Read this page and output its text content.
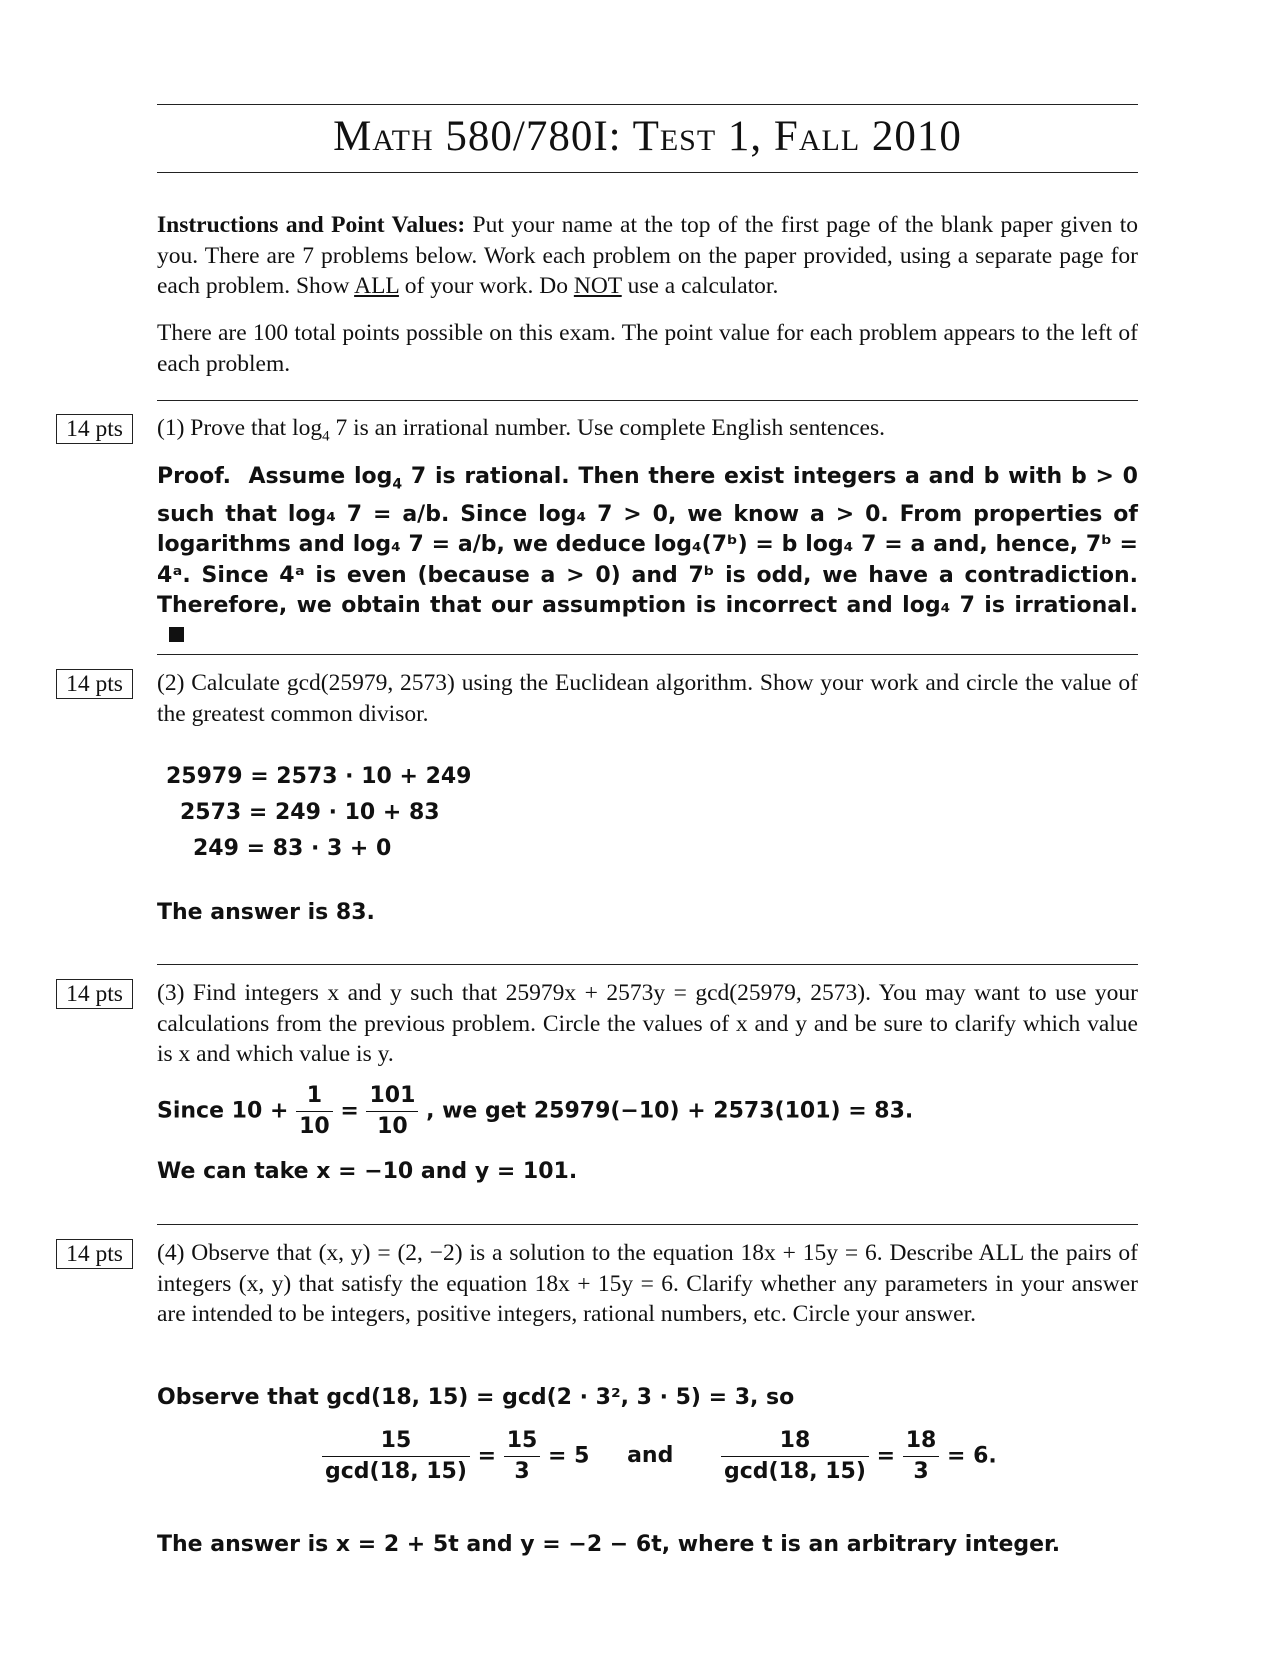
Math 580/780I: Test 1, Fall 2010
Instructions and Point Values: Put your name at the top of the first page of the blank paper given to you. There are 7 problems below. Work each problem on the paper provided, using a separate page for each problem. Show ALL of your work. Do NOT use a calculator.
There are 100 total points possible on this exam. The point value for each problem appears to the left of each problem.
14 pts	(1) Prove that $\log_4 7$ is an irrational number. Use complete English sentences.
Proof. Assume $\log_4 7$ is rational. Then there exist integers a and b with b > 0 such that log₄ 7 = a/b. Since log₄ 7 > 0, we know a > 0. From properties of logarithms and log₄ 7 = a/b, we deduce log₄(7ᵇ) = b log₄ 7 = a and, hence, 7ᵇ = 4ᵃ. Since 4ᵃ is even (because a > 0) and 7ᵇ is odd, we have a contradiction. Therefore, we obtain that our assumption is incorrect and log₄ 7 is irrational.
14 pts	(2) Calculate gcd(25979, 2573) using the Euclidean algorithm. Show your work and circle the value of the greatest common divisor.
25979 = 2573 · 10 + 249
2573 = 249 · 10 + 83
249 = 83 · 3 + 0
The answer is 83.
14 pts	(3) Find integers x and y such that 25979x + 2573y = gcd(25979, 2573). You may want to use your calculations from the previous problem. Circle the values of x and y and be sure to clarify which value is x and which value is y.
Since $10 + \frac{1}{10} = \frac{101}{10}$ , we get 25979(−10) + 2573(101) = 83.
We can take x = −10 and y = 101.
14 pts	(4) Observe that (x, y) = (2, −2) is a solution to the equation 18x + 15y = 6. Describe ALL the pairs of integers (x, y) that satisfy the equation 18x + 15y = 6. Clarify whether any parameters in your answer are intended to be integers, positive integers, rational numbers, etc. Circle your answer.
Observe that gcd(18, 15) = gcd(2 · 3², 3 · 5) = 3, so
$\frac{15}{\gcd(18, 15)} = \frac{15}{3} = 5$ and $\frac{18}{\gcd(18, 15)} = \frac{18}{3} = 6$.
The answer is x = 2 + 5t and y = −2 − 6t, where t is an arbitrary integer.
